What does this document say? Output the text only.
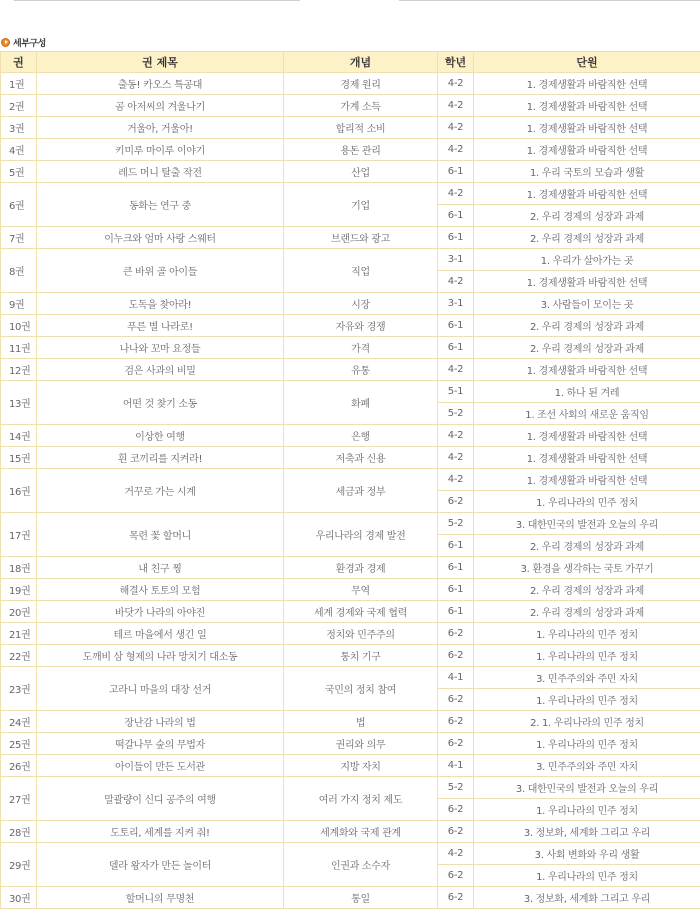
세부구성
권	권 제목	개념	학년	단원
1권	출동! 카오스 특공대	경제 원리	4-2	1. 경제생활과 바람직한 선택
2권	곰 아저씨의 겨울나기	가계 소득	4-2	1. 경제생활과 바람직한 선택
3권	거울아, 거울아!	합리적 소비	4-2	1. 경제생활과 바람직한 선택
4권	키미루 마이루 이야기	용돈 관리	4-2	1. 경제생활과 바람직한 선택
5권	레드 머니 탈출 작전	산업	6-1	1. 우리 국토의 모습과 생활
6권	동화는 연구 중	기업	4-2	1. 경제생활과 바람직한 선택
			6-1	2. 우리 경제의 성장과 과제
7권	이누크와 엄마 사랑 스웨터	브랜드와 광고	6-1	2. 우리 경제의 성장과 과제
8권	큰 바위 골 아이들	직업	3-1	1. 우리가 살아가는 곳
			4-2	1. 경제생활과 바람직한 선택
9권	도독을 찾아라!	시장	3-1	3. 사람들이 모이는 곳
10권	푸른 별 나라로!	자유와 경쟁	6-1	2. 우리 경제의 성장과 과제
11권	나나와 꼬마 요정들	가격	6-1	2. 우리 경제의 성장과 과제
12권	검은 사과의 비밀	유통	4-2	1. 경제생활과 바람직한 선택
13권	어떤 것 찾기 소동	화폐	5-1	1. 하나 된 겨레
			5-2	1. 조선 사회의 새로운 움직임
14권	이상한 여행	은행	4-2	1. 경제생활과 바람직한 선택
15권	흰 코끼리를 지켜라!	저축과 신용	4-2	1. 경제생활과 바람직한 선택
16권	거꾸로 가는 시계	세금과 정부	4-2	1. 경제생활과 바람직한 선택
			6-2	1. 우리나라의 민주 정치
17권	목련 꽃 할머니	우리나라의 경제 발전	5-2	3. 대한민국의 발전과 오늘의 우리
			6-1	2. 우리 경제의 성장과 과제
18권	내 친구 찡	환경과 경제	6-1	3. 환경을 생각하는 국토 가꾸기
19권	해결사 토토의 모험	무역	6-1	2. 우리 경제의 성장과 과제
20권	바닷가 나라의 아야진	세계 경제와 국제 협력	6-1	2. 우리 경제의 성장과 과제
21권	테르 마을에서 생긴 일	정치와 민주주의	6-2	1. 우리나라의 민주 정치
22권	도깨비 삼 형제의 나라 망치기 대소동	통치 기구	6-2	1. 우리나라의 민주 정치
23권	고라니 마을의 대장 선거	국민의 정치 참여	4-1	3. 민주주의와 주민 자치
			6-2	1. 우리나라의 민주 정치
24권	장난감 나라의 법	법	6-2	2. 1. 우리나라의 민주 정치
25권	떡갈나무 숲의 무법자	권리와 의무	6-2	1. 우리나라의 민주 정치
26권	아이들이 만든 도서관	지방 자치	4-1	3. 민주주의와 주민 자치
27권	말괄량이 신디 공주의 여행	여러 가지 정치 제도	5-2	3. 대한민국의 발전과 오늘의 우리
			6-2	1. 우리나라의 민주 정치
28권	도토리, 세계를 지켜 줘!	세계화와 국제 관계	6-2	3. 정보화, 세계화 그리고 우리
29권	델라 왕자가 만든 놀이터	인권과 소수자	4-2	3. 사회 변화와 우리 생활
			6-2	1. 우리나라의 민주 정치
30권	할머니의 무명천	통일	6-2	3. 정보화, 세계화 그리고 우리
